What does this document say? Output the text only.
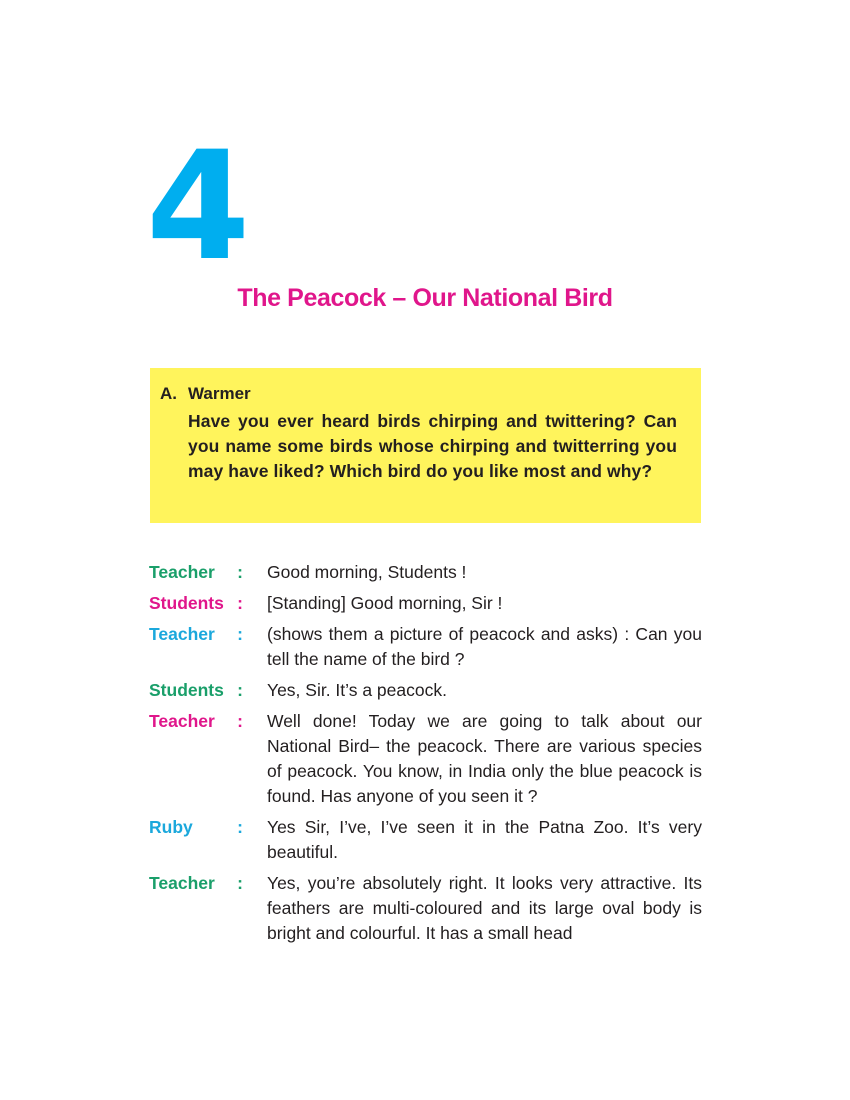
4
The Peacock – Our National Bird
A. Warmer
Have you ever heard birds chirping and twittering? Can you name some birds whose chirping and twitterring you may have liked? Which bird do you like most and why?
Teacher : Good morning, Students !
Students : [Standing] Good morning, Sir !
Teacher : (shows them a picture of peacock and asks) : Can you tell the name of the bird ?
Students : Yes, Sir. It’s a peacock.
Teacher : Well done! Today we are going to talk about our National Bird– the peacock. There are various species of peacock. You know, in India only the blue peacock is found. Has anyone of you seen it ?
Ruby	: Yes Sir, I’ve, I’ve seen it in the Patna Zoo. It’s very beautiful.
Teacher : Yes, you’re absolutely right. It looks very attractive. Its feathers are multi-coloured and its large oval body is bright and colourful. It has a small head
